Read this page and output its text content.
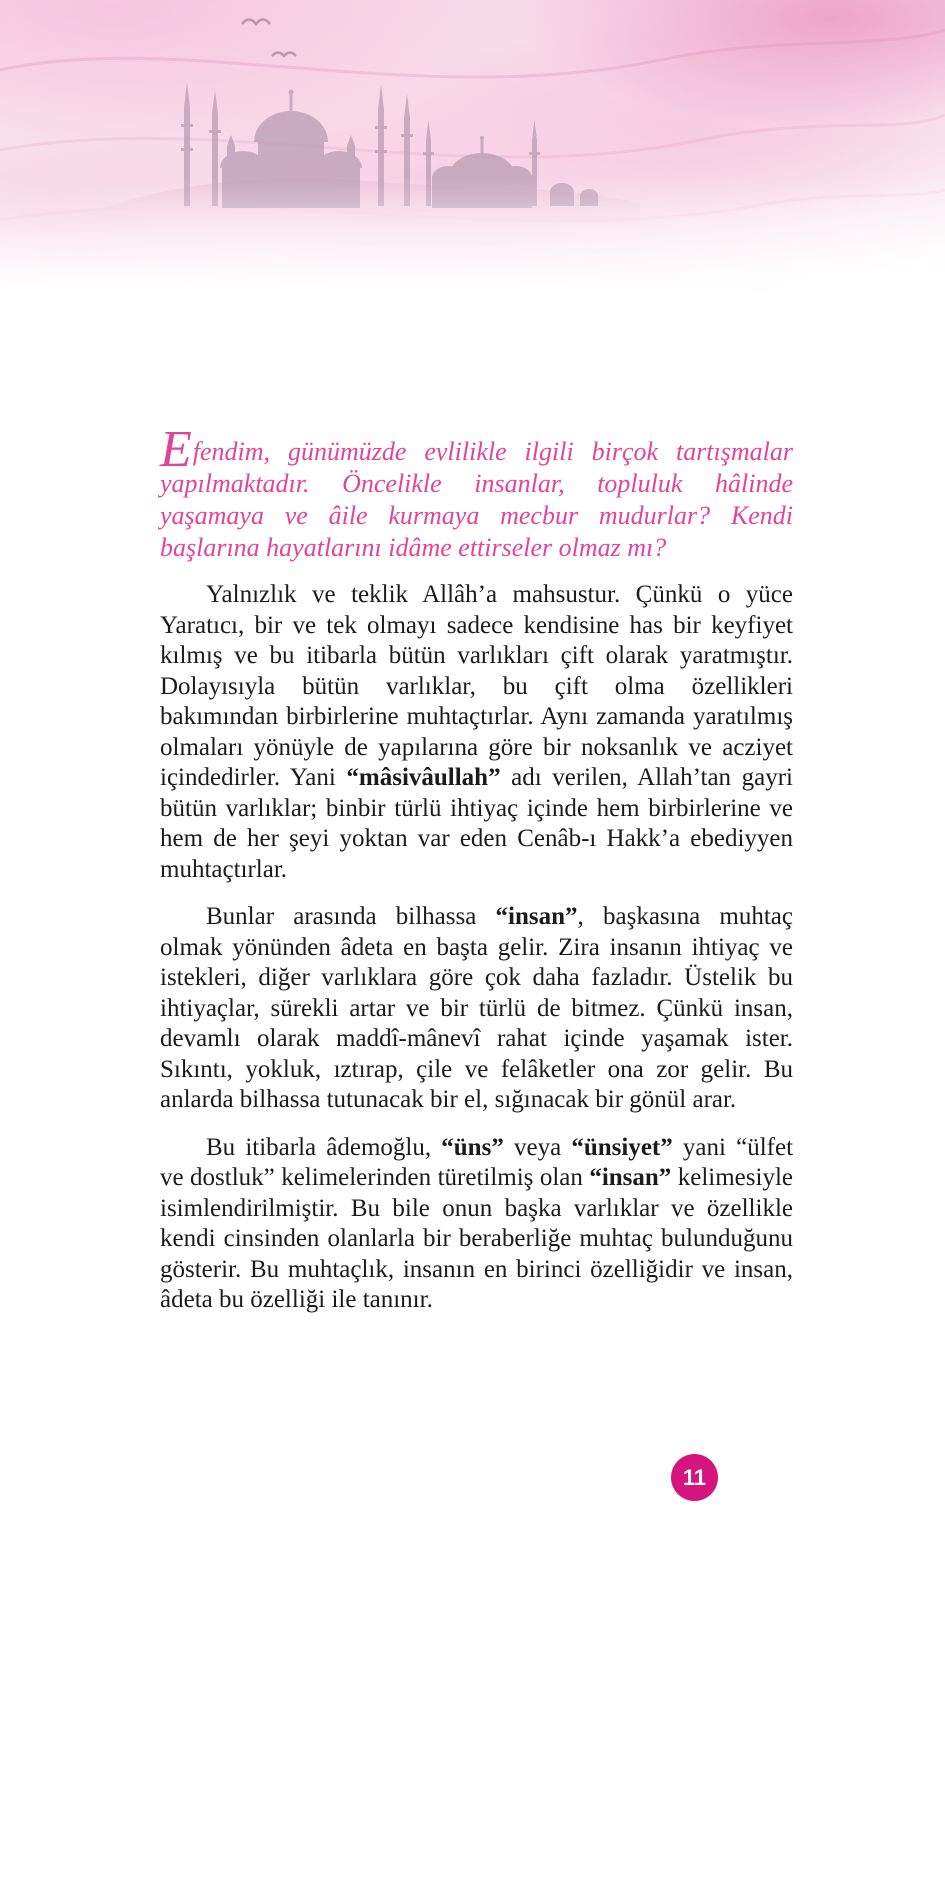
Efendim, günümüzde evlilikle ilgili birçok tartışmalar yapılmaktadır. Öncelikle insanlar, topluluk hâlinde yaşamaya ve âile kurmaya mecbur mudurlar? Kendi başlarına hayatlarını idâme ettirseler olmaz mı?

Yalnızlık ve teklik Allâh’a mahsustur. Çünkü o yüce Yaratıcı, bir ve tek olmayı sadece kendisine has bir keyfiyet kılmış ve bu itibarla bütün varlıkları çift olarak yaratmıştır. Dolayısıyla bütün varlıklar, bu çift olma özellikleri bakımından birbirlerine muhtaçtırlar. Aynı zamanda yaratılmış olmaları yönüyle de yapılarına göre bir noksanlık ve acziyet içindedirler. Yani “mâsivâullah” adı verilen, Allah’tan gayri bütün varlıklar; binbir türlü ihtiyaç içinde hem birbirlerine ve hem de her şeyi yoktan var eden Cenâb-ı Hakk’a ebediyyen muhtaçtırlar.

Bunlar arasında bilhassa “insan”, başkasına muhtaç olmak yönünden âdeta en başta gelir. Zira insanın ihtiyaç ve istekleri, diğer varlıklara göre çok daha fazladır. Üstelik bu ihtiyaçlar, sürekli artar ve bir türlü de bitmez. Çünkü insan, devamlı olarak maddî-mânevî rahat içinde yaşamak ister. Sıkıntı, yokluk, ıztırap, çile ve felâketler ona zor gelir. Bu anlarda bilhassa tutunacak bir el, sığınacak bir gönül arar.

Bu itibarla âdemoğlu, “üns” veya “ünsiyet” yani “ülfet ve dostluk” kelimelerinden türetilmiş olan “insan” kelimesiyle isimlendirilmiştir. Bu bile onun başka varlıklar ve özellikle kendi cinsinden olanlarla bir beraberliğe muhtaç bulunduğunu gösterir. Bu muhtaçlık, insanın en birinci özelliğidir ve insan, âdeta bu özelliği ile tanınır.

11
